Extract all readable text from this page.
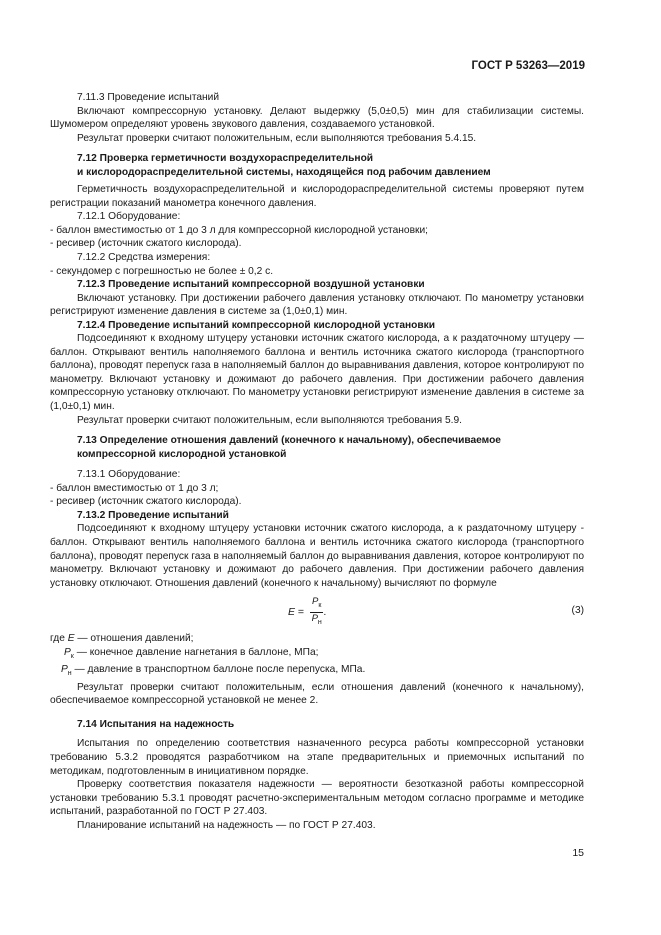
ГОСТ Р 53263—2019

7.11.3 Проведение испытаний

Включают компрессорную установку. Делают выдержку (5,0±0,5) мин для стабилизации системы. Шумомером определяют уровень звукового давления, создаваемого установкой.

Результат проверки считают положительным, если выполняются требования 5.4.15.

7.12 Проверка герметичности воздухораспределительной
и кислородораспределительной системы, находящейся под рабочим давлением

Герметичность воздухораспределительной и кислородораспределительной системы проверяют путем регистрации показаний манометра конечного давления.

7.12.1 Оборудование:

- баллон вместимостью от 1 до 3 л для компрессорной кислородной установки;

- ресивер (источник сжатого кислорода).

7.12.2 Средства измерения:

- секундомер с погрешностью не более ± 0,2 с.

7.12.3 Проведение испытаний компрессорной воздушной установки

Включают установку. При достижении рабочего давления установку отключают. По манометру установки регистрируют изменение давления в системе за (1,0±0,1) мин.

7.12.4 Проведение испытаний компрессорной кислородной установки

Подсоединяют к входному штуцеру установки источник сжатого кислорода, а к раздаточному штуцеру — баллон. Открывают вентиль наполняемого баллона и вентиль источника сжатого кислорода (транспортного баллона), проводят перепуск газа в наполняемый баллон до выравнивания давления, которое контролируют по манометру. Включают установку и дожимают до рабочего давления. При достижении рабочего давления компрессорную установку отключают. По манометру установки регистрируют изменение давления в системе за (1,0±0,1) мин.

Результат проверки считают положительным, если выполняются требования 5.9.

7.13 Определение отношения давлений (конечного к начальному), обеспечиваемое
компрессорной кислородной установкой

7.13.1 Оборудование:

- баллон вместимостью от 1 до 3 л;

- ресивер (источник сжатого кислорода).

7.13.2 Проведение испытаний

Подсоединяют к входному штуцеру установки источник сжатого кислорода, а к раздаточному штуцеру - баллон. Открывают вентиль наполняемого баллона и вентиль источника сжатого кислорода (транспортного баллона), проводят перепуск газа в наполняемый баллон до выравнивания давления, которое контролируют по манометру. Включают установку и дожимают до рабочего давления. При достижении рабочего давления установку отключают. Отношения давлений (конечного к начальному) вычисляют по формуле

$E = \frac{P_к}{P_н}$ .	(3)

где E — отношения давлений;

$P_к$ — конечное давление нагнетания в баллоне, МПа;

$P_н$ — давление в транспортном баллоне после перепуска, МПа.

Результат проверки считают положительным, если отношения давлений (конечного к начальному), обеспечиваемое компрессорной установкой не менее 2.

7.14 Испытания на надежность

Испытания по определению соответствия назначенного ресурса работы компрессорной установки требованию 5.3.2 проводятся разработчиком на этапе предварительных и приемочных испытаний по методикам, подготовленным в инициативном порядке.

Проверку соответствия показателя надежности — вероятности безотказной работы компрессорной установки требованию 5.3.1 проводят расчетно-экспериментальным методом согласно программе и методике испытаний, разработанной по ГОСТ Р 27.403.

Планирование испытаний на надежность — по ГОСТ Р 27.403.

15
